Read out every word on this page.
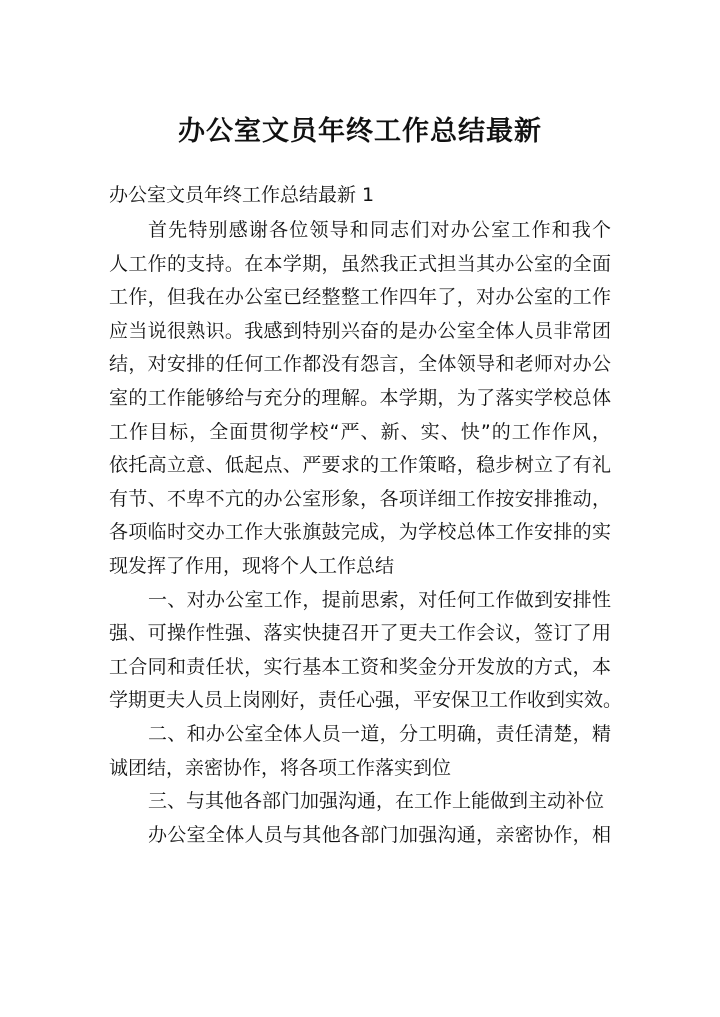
办公室文员年终工作总结最新
办公室文员年终工作总结最新 1
首先特别感谢各位领导和同志们对办公室工作和我个
人工作的支持。在本学期，虽然我正式担当其办公室的全面
工作，但我在办公室已经整整工作四年了，对办公室的工作
应当说很熟识。我感到特别兴奋的是办公室全体人员非常团
结，对安排的任何工作都没有怨言，全体领导和老师对办公
室的工作能够给与充分的理解。本学期，为了落实学校总体
工作目标，全面贯彻学校“严、新、实、快”的工作作风，
依托高立意、低起点、严要求的工作策略，稳步树立了有礼
有节、不卑不亢的办公室形象，各项详细工作按安排推动，
各项临时交办工作大张旗鼓完成，为学校总体工作安排的实
现发挥了作用，现将个人工作总结
一、对办公室工作，提前思索，对任何工作做到安排性
强、可操作性强、落实快捷召开了更夫工作会议，签订了用
工合同和责任状，实行基本工资和奖金分开发放的方式，本
学期更夫人员上岗刚好，责任心强，平安保卫工作收到实效。
二、和办公室全体人员一道，分工明确，责任清楚，精
诚团结，亲密协作，将各项工作落实到位
三、与其他各部门加强沟通，在工作上能做到主动补位
办公室全体人员与其他各部门加强沟通，亲密协作，相
